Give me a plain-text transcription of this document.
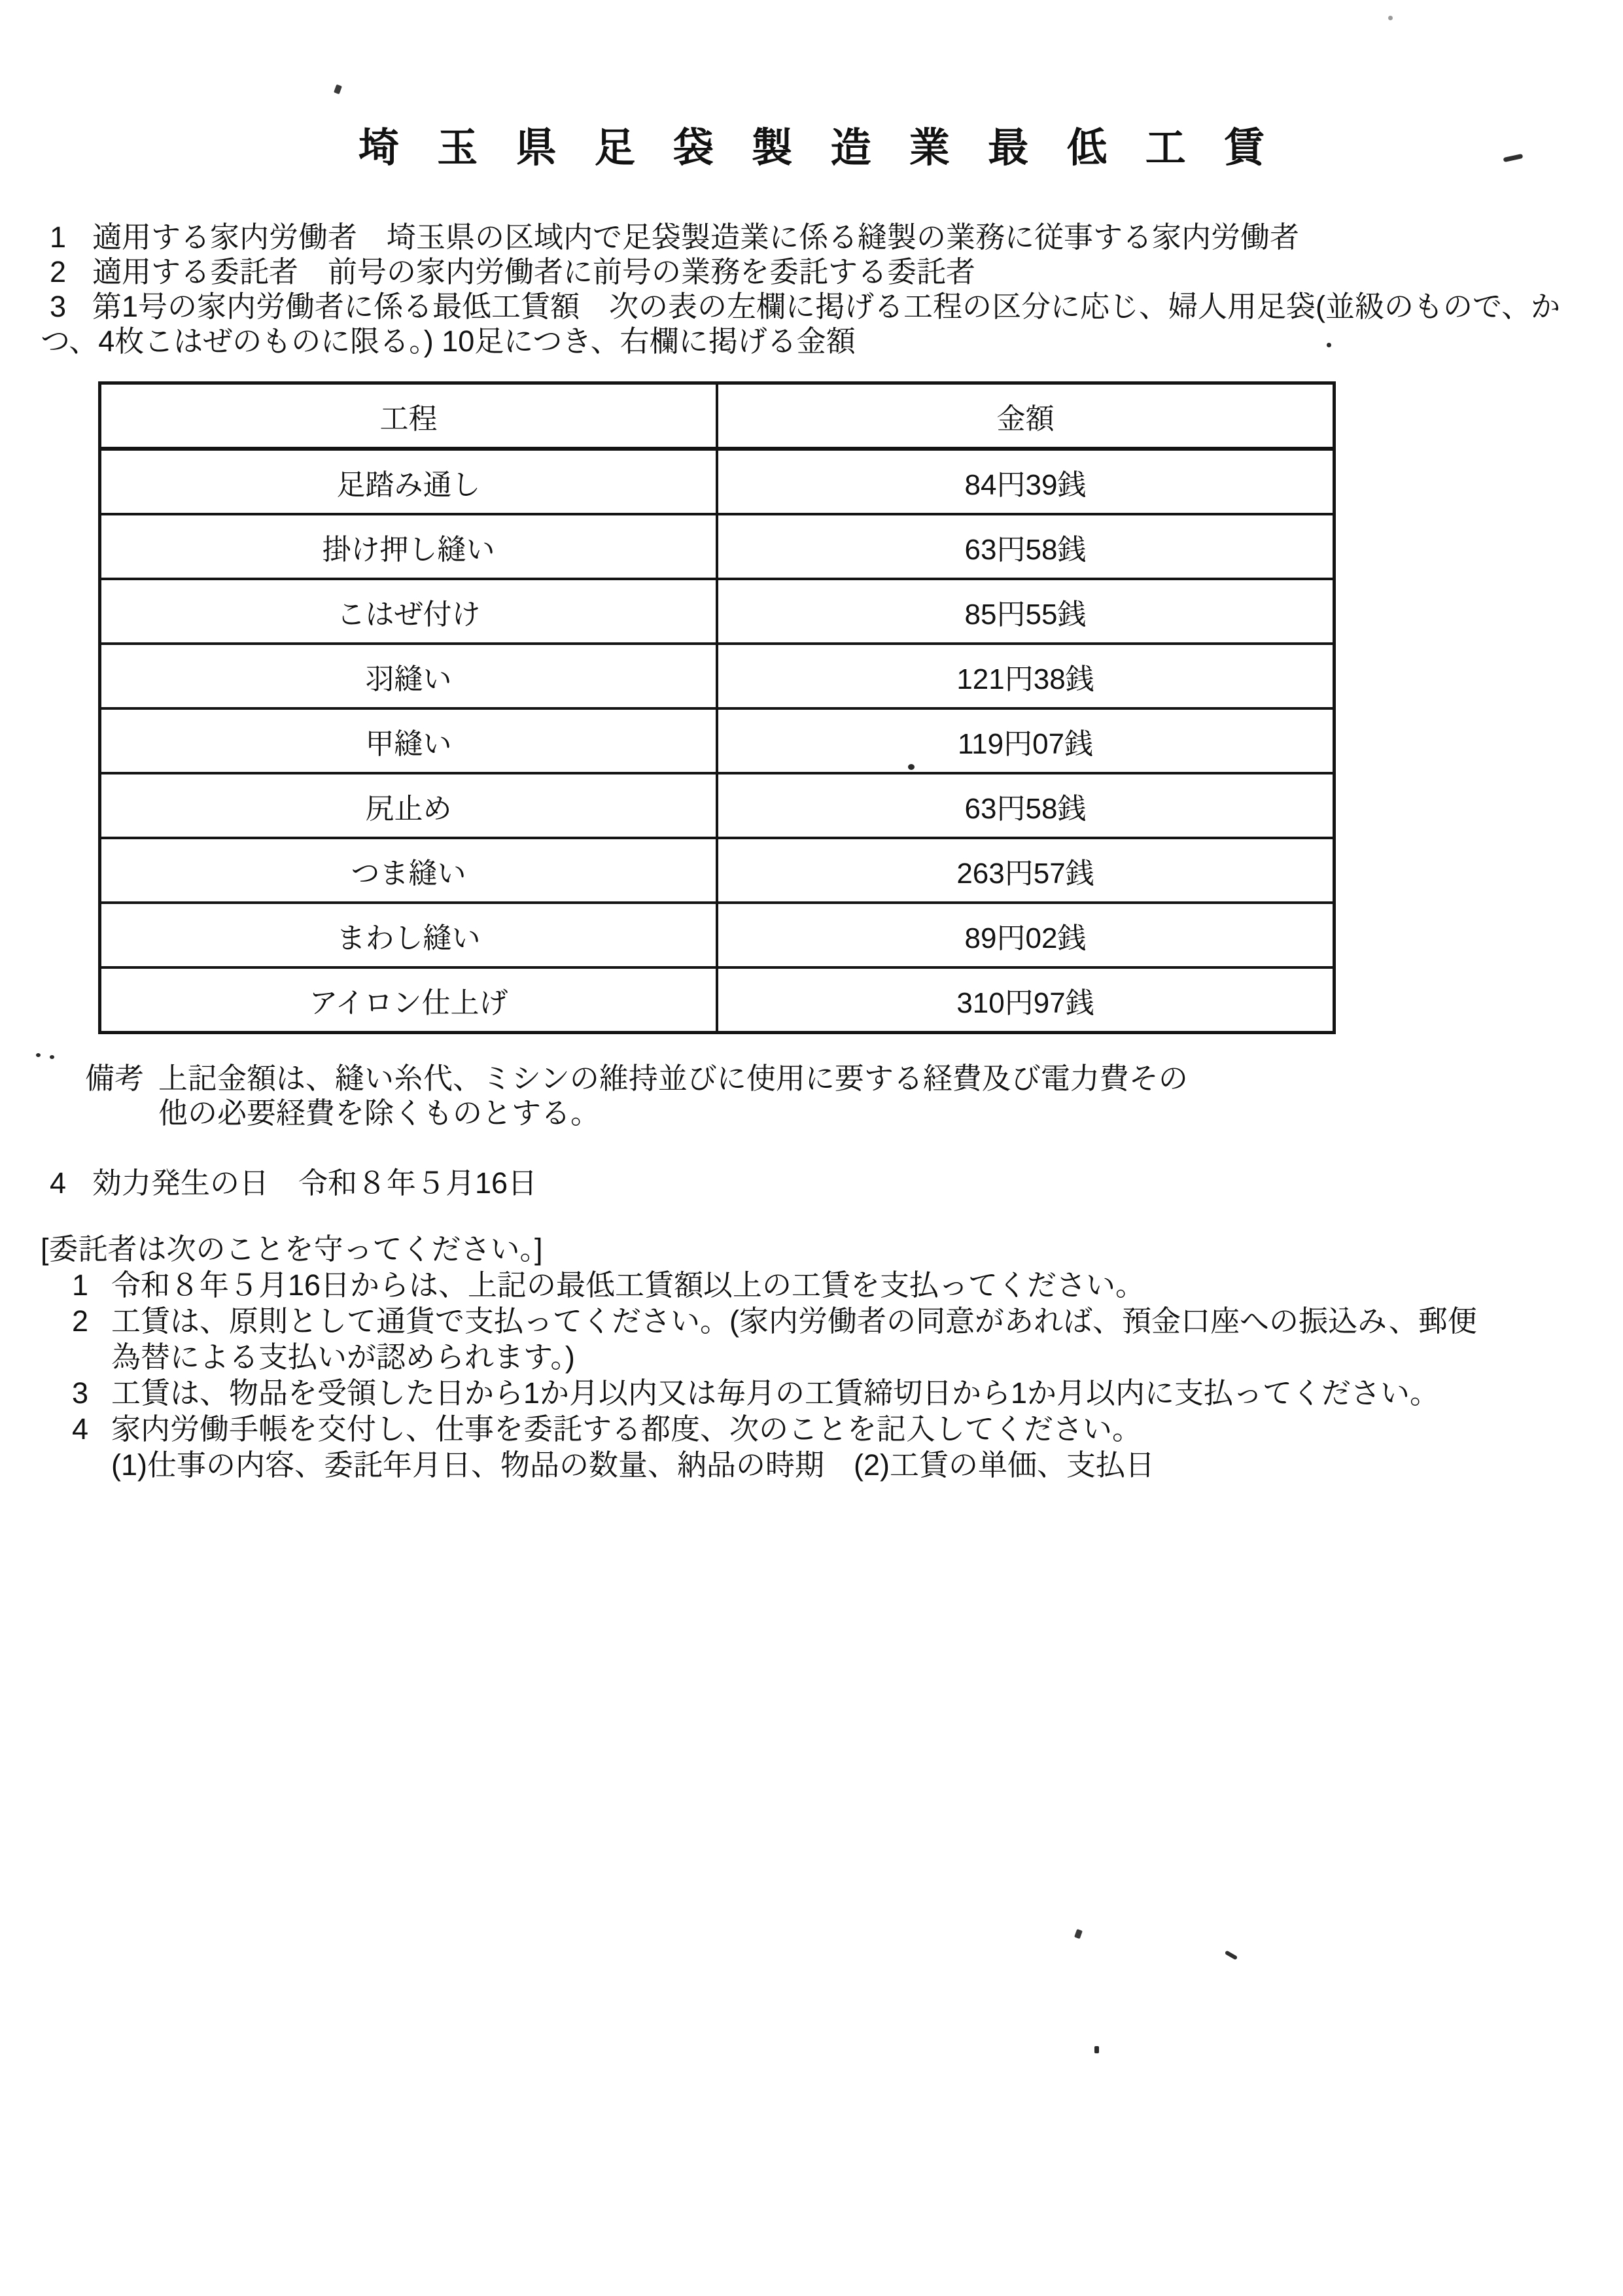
埼玉県足袋製造業最低工賃
1 適用する家内労働者　埼玉県の区域内で足袋製造業に係る縫製の業務に従事する家内労働者
2 適用する委託者　前号の家内労働者に前号の業務を委託する委託者
3 第1号の家内労働者に係る最低工賃額　次の表の左欄に掲げる工程の区分に応じ、婦人用足袋(並級のもので、かつ、4枚こはぜのものに限る。) 10足につき、右欄に掲げる金額
工程	金額
足踏み通し	84円39銭
掛け押し縫い	63円58銭
こはぜ付け	85円55銭
羽縫い	121円38銭
甲縫い	119円07銭
尻止め	63円58銭
つま縫い	263円57銭
まわし縫い	89円02銭
アイロン仕上げ	310円97銭
備考 上記金額は、縫い糸代、ミシンの維持並びに使用に要する経費及び電力費その他の必要経費を除くものとする。
4 効力発生の日　令和８年５月16日
[委託者は次のことを守ってください。]
1 令和８年５月16日からは、上記の最低工賃額以上の工賃を支払ってください。
2 工賃は、原則として通貨で支払ってください。(家内労働者の同意があれば、預金口座への振込み、郵便為替による支払いが認められます。)
3 工賃は、物品を受領した日から1か月以内又は毎月の工賃締切日から1か月以内に支払ってください。
4 家内労働手帳を交付し、仕事を委託する都度、次のことを記入してください。
(1)仕事の内容、委託年月日、物品の数量、納品の時期　(2)工賃の単価、支払日
